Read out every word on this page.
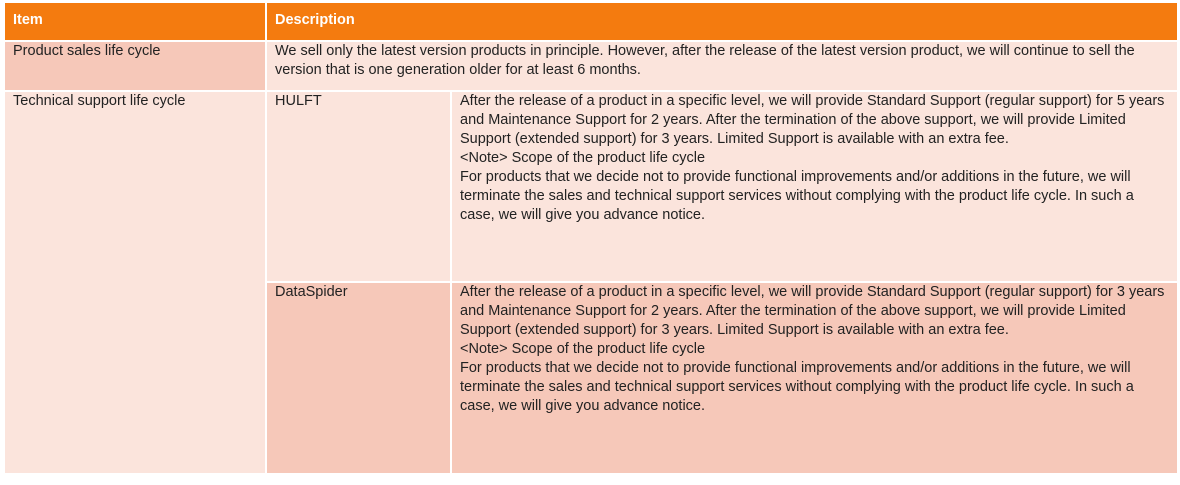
Item	Description	
Product sales life cycle	We sell only the latest version products in principle. However, after the release of the latest version product, we will continue to sell the version that is one generation older for at least 6 months.	
Technical support life cycle	HULFT	After the release of a product in a specific level, we will provide Standard Support (regular support) for 5 years and Maintenance Support for 2 years. After the termination of the above support, we will provide Limited Support (extended support) for 3 years. Limited Support is available with an extra fee.
<Note> Scope of the product life cycle
For products that we decide not to provide functional improvements and/or additions in the future, we will terminate the sales and technical support services without complying with the product life cycle. In such a case, we will give you advance notice.

	DataSpider	After the release of a product in a specific level, we will provide Standard Support (regular support) for 3 years and Maintenance Support for 2 years. After the termination of the above support, we will provide Limited Support (extended support) for 3 years. Limited Support is available with an extra fee.
<Note> Scope of the product life cycle
For products that we decide not to provide functional improvements and/or additions in the future, we will terminate the sales and technical support services without complying with the product life cycle. In such a case, we will give you advance notice.
